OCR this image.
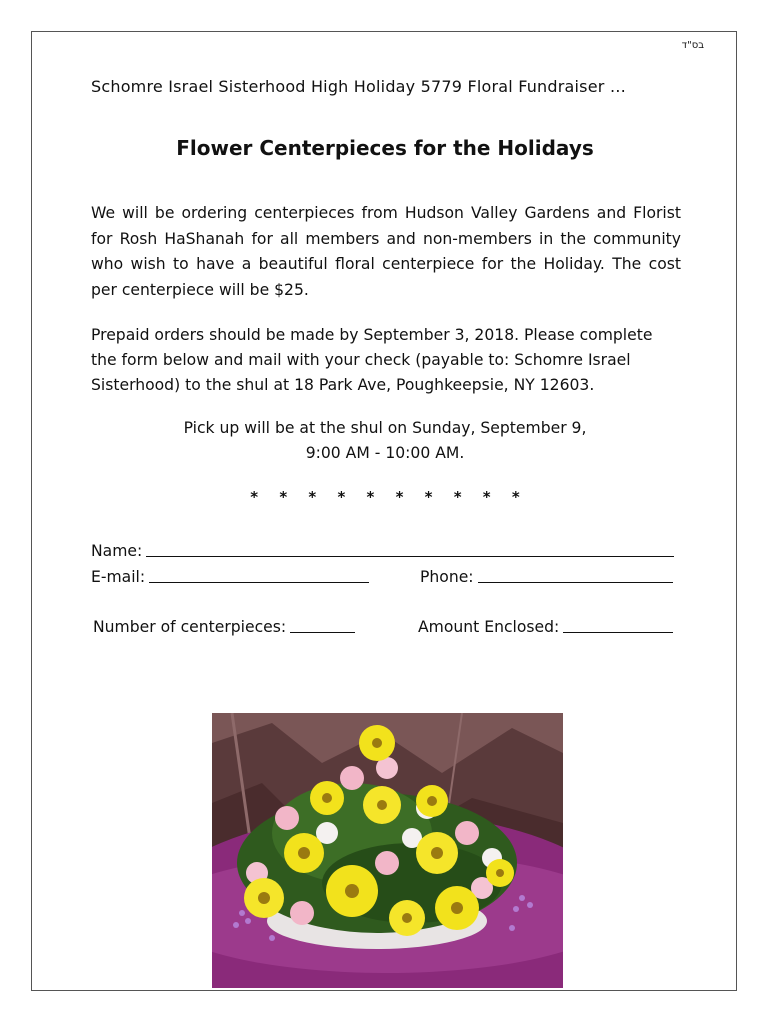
בס"ד
Schomre Israel Sisterhood High Holiday 5779 Floral Fundraiser …
Flower Centerpieces for the Holidays
We will be ordering centerpieces from Hudson Valley Gardens and Florist for Rosh HaShanah for all members and non-members in the community who wish to have a beautiful floral centerpiece for the Holiday. The cost per centerpiece will be $25.
Prepaid orders should be made by September 3, 2018. Please complete the form below and mail with your check (payable to: Schomre Israel Sisterhood) to the shul at 18 Park Ave, Poughkeepsie, NY 12603.
Pick up will be at the shul on Sunday, September 9,
9:00 AM - 10:00 AM.
* * * * * * * * * *
Name:
E-mail:	Phone:
Number of centerpieces:	Amount Enclosed:
